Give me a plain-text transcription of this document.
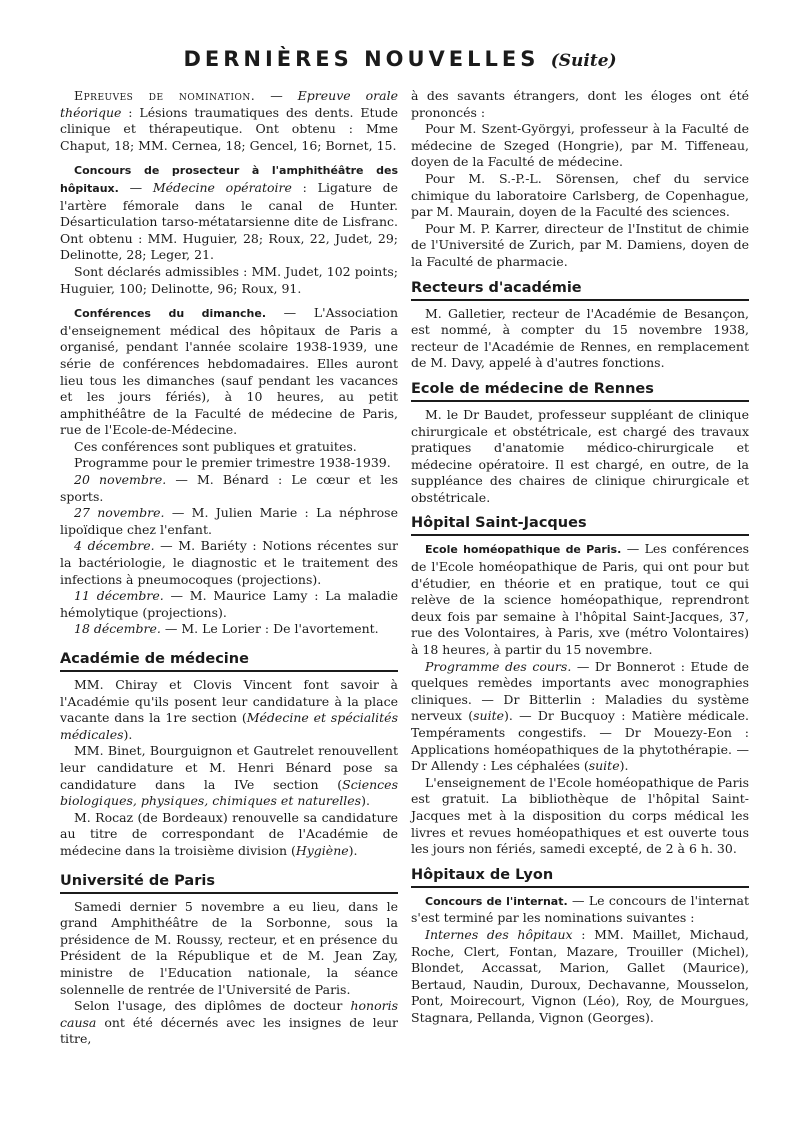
DERNIÈRES NOUVELLES (Suite)

Epreuves de nomination. — Epreuve orale théorique : Lésions traumatiques des dents. Etude clinique et thérapeutique. Ont obtenu : Mme Chaput, 18; MM. Cernea, 18; Gencel, 16; Bornet, 15.

Concours de prosecteur à l'amphithéâtre des hôpitaux. — Médecine opératoire : Ligature de l'artère fémorale dans le canal de Hunter. Désarticulation tarso-métatarsienne dite de Lisfranc. Ont obtenu : MM. Huguier, 28; Roux, 22, Judet, 29; Delinotte, 28; Leger, 21.

Sont déclarés admissibles : MM. Judet, 102 points; Huguier, 100; Delinotte, 96; Roux, 91.

Conférences du dimanche. — L'Association d'enseignement médical des hôpitaux de Paris a organisé, pendant l'année scolaire 1938-1939, une série de conférences hebdomadaires. Elles auront lieu tous les dimanches (sauf pendant les vacances et les jours fériés), à 10 heures, au petit amphithéâtre de la Faculté de médecine de Paris, rue de l'Ecole-de-Médecine.

Ces conférences sont publiques et gratuites.

Programme pour le premier trimestre 1938-1939.

20 novembre. — M. Bénard : Le cœur et les sports.

27 novembre. — M. Julien Marie : La néphrose lipoïdique chez l'enfant.

4 décembre. — M. Bariéty : Notions récentes sur la bactériologie, le diagnostic et le traitement des infections à pneumocoques (projections).

11 décembre. — M. Maurice Lamy : La maladie hémolytique (projections).

18 décembre. — M. Le Lorier : De l'avortement.

Académie de médecine

MM. Chiray et Clovis Vincent font savoir à l'Académie qu'ils posent leur candidature à la place vacante dans la 1re section (Médecine et spécialités médicales).

MM. Binet, Bourguignon et Gautrelet renouvellent leur candidature et M. Henri Bénard pose sa candidature dans la IVe section (Sciences biologiques, physiques, chimiques et naturelles).

M. Rocaz (de Bordeaux) renouvelle sa candidature au titre de correspondant de l'Académie de médecine dans la troisième division (Hygiène).

Université de Paris

Samedi dernier 5 novembre a eu lieu, dans le grand Amphithéâtre de la Sorbonne, sous la présidence de M. Roussy, recteur, et en présence du Président de la République et de M. Jean Zay, ministre de l'Education nationale, la séance solennelle de rentrée de l'Université de Paris.

Selon l'usage, des diplômes de docteur honoris causa ont été décernés avec les insignes de leur titre,

à des savants étrangers, dont les éloges ont été prononcés :

Pour M. Szent-Györgyi, professeur à la Faculté de médecine de Szeged (Hongrie), par M. Tiffeneau, doyen de la Faculté de médecine.

Pour M. S.-P.-L. Sörensen, chef du service chimique du laboratoire Carlsberg, de Copenhague, par M. Maurain, doyen de la Faculté des sciences.

Pour M. P. Karrer, directeur de l'Institut de chimie de l'Université de Zurich, par M. Damiens, doyen de la Faculté de pharmacie.

Recteurs d'académie

M. Galletier, recteur de l'Académie de Besançon, est nommé, à compter du 15 novembre 1938, recteur de l'Académie de Rennes, en remplacement de M. Davy, appelé à d'autres fonctions.

Ecole de médecine de Rennes

M. le Dr Baudet, professeur suppléant de clinique chirurgicale et obstétricale, est chargé des travaux pratiques d'anatomie médico-chirurgicale et médecine opératoire. Il est chargé, en outre, de la suppléance des chaires de clinique chirurgicale et obstétricale.

Hôpital Saint-Jacques

Ecole homéopathique de Paris. — Les conférences de l'Ecole homéopathique de Paris, qui ont pour but d'étudier, en théorie et en pratique, tout ce qui relève de la science homéopathique, reprendront deux fois par semaine à l'hôpital Saint-Jacques, 37, rue des Volontaires, à Paris, xve (métro Volontaires) à 18 heures, à partir du 15 novembre.

Programme des cours. — Dr Bonnerot : Etude de quelques remèdes importants avec monographies cliniques. — Dr Bitterlin : Maladies du système nerveux (suite). — Dr Bucquoy : Matière médicale. Tempéraments congestifs. — Dr Mouezy-Eon : Applications homéopathiques de la phytothérapie. — Dr Allendy : Les céphalées (suite).

L'enseignement de l'Ecole homéopathique de Paris est gratuit. La bibliothèque de l'hôpital Saint-Jacques met à la disposition du corps médical les livres et revues homéopathiques et est ouverte tous les jours non fériés, samedi excepté, de 2 à 6 h. 30.

Hôpitaux de Lyon

Concours de l'internat. — Le concours de l'internat s'est terminé par les nominations suivantes :

Internes des hôpitaux : MM. Maillet, Michaud, Roche, Clert, Fontan, Mazare, Trouiller (Michel), Blondet, Accassat, Marion, Gallet (Maurice), Bertaud, Naudin, Duroux, Dechavanne, Mousselon, Pont, Moirecourt, Vignon (Léo), Roy, de Mourgues, Stagnara, Pellanda, Vignon (Georges).
